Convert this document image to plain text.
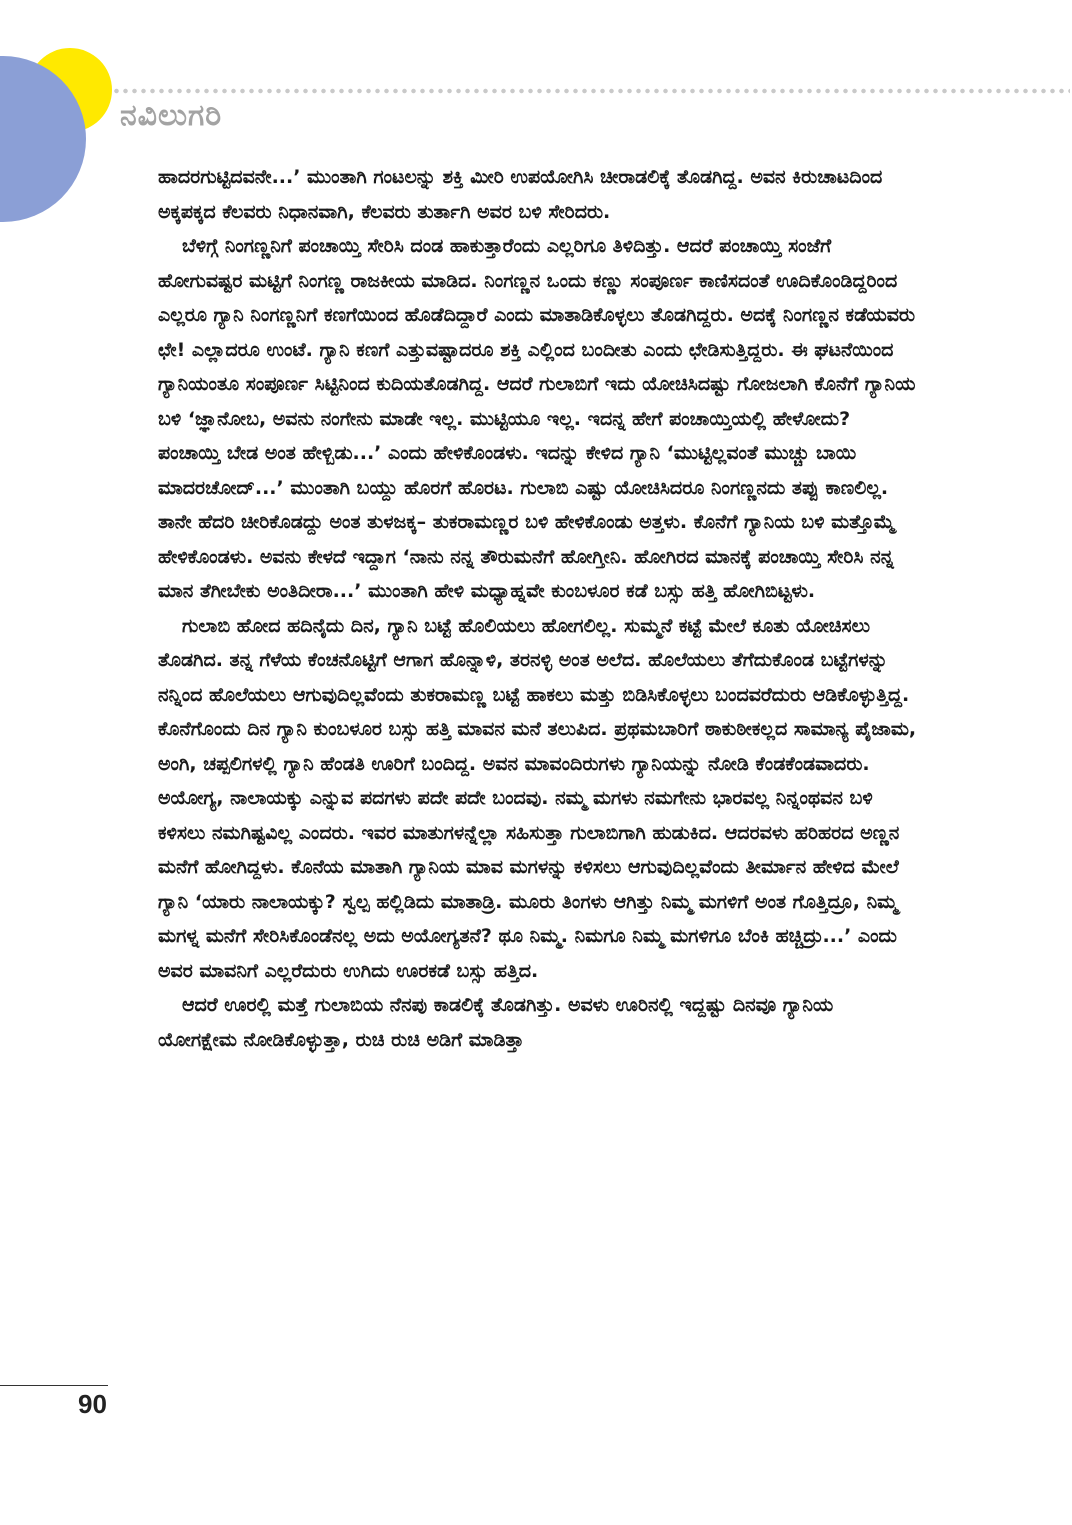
ನವಿಲುಗರಿ

ಹಾದರಗುಟ್ಟಿದವನೇ...’ ಮುಂತಾಗಿ ಗಂಟಲನ್ನು ಶಕ್ತಿ ಮೀರಿ ಉಪಯೋಗಿಸಿ ಚೀರಾಡಲಿಕ್ಕೆ ತೊಡಗಿದ್ದ. ಅವನ ಕಿರುಚಾಟದಿಂದ ಅಕ್ಕಪಕ್ಕದ ಕೆಲವರು ನಿಧಾನವಾಗಿ, ಕೆಲವರು ತುರ್ತಾಗಿ ಅವರ ಬಳಿ ಸೇರಿದರು.

ಬೆಳಿಗ್ಗೆ ನಿಂಗಣ್ಣನಿಗೆ ಪಂಚಾಯ್ತಿ ಸೇರಿಸಿ ದಂಡ ಹಾಕುತ್ತಾರೆಂದು ಎಲ್ಲರಿಗೂ ತಿಳಿದಿತ್ತು. ಆದರೆ ಪಂಚಾಯ್ತಿ ಸಂಜೆಗೆ ಹೋಗುವಷ್ಟರ ಮಟ್ಟಿಗೆ ನಿಂಗಣ್ಣ ರಾಜಕೀಯ ಮಾಡಿದ. ನಿಂಗಣ್ಣನ ಒಂದು ಕಣ್ಣು ಸಂಪೂರ್ಣ ಕಾಣಿಸದಂತೆ ಊದಿಕೊಂಡಿದ್ದರಿಂದ ಎಲ್ಲರೂ ಗ್ಯಾನಿ ನಿಂಗಣ್ಣನಿಗೆ ಕಣಗೆಯಿಂದ ಹೊಡೆದಿದ್ದಾರೆ ಎಂದು ಮಾತಾಡಿಕೊಳ್ಳಲು ತೊಡಗಿದ್ದರು. ಅದಕ್ಕೆ ನಿಂಗಣ್ಣನ ಕಡೆಯವರು ಛೇ! ಎಲ್ಲಾದರೂ ಉಂಟೆ. ಗ್ಯಾನಿ ಕಣಗೆ ಎತ್ತುವಷ್ಟಾದರೂ ಶಕ್ತಿ ಎಲ್ಲಿಂದ ಬಂದೀತು ಎಂದು ಛೇಡಿಸುತ್ತಿದ್ದರು. ಈ ಘಟನೆಯಿಂದ ಗ್ಯಾನಿಯಂತೂ ಸಂಪೂರ್ಣ ಸಿಟ್ಟಿನಿಂದ ಕುದಿಯತೊಡಗಿದ್ದ. ಆದರೆ ಗುಲಾಬಿಗೆ ಇದು ಯೋಚಿಸಿದಷ್ಟು ಗೋಜಲಾಗಿ ಕೊನೆಗೆ ಗ್ಯಾನಿಯ ಬಳಿ ‘ಜ್ಞಾನೋಬ, ಅವನು ನಂಗೇನು ಮಾಡೇ ಇಲ್ಲ. ಮುಟ್ಟಿಯೂ ಇಲ್ಲ. ಇದನ್ನ ಹೇಗೆ ಪಂಚಾಯ್ತಿಯಲ್ಲಿ ಹೇಳೋದು? ಪಂಚಾಯ್ತಿ ಬೇಡ ಅಂತ ಹೇಳ್ಬಿಡು...’ ಎಂದು ಹೇಳಿಕೊಂಡಳು. ಇದನ್ನು ಕೇಳಿದ ಗ್ಯಾನಿ ‘ಮುಟ್ಟಿಲ್ಲವಂತೆ ಮುಚ್ಚು ಬಾಯಿ ಮಾದರಚೋದ್...’ ಮುಂತಾಗಿ ಬಯ್ದು ಹೊರಗೆ ಹೊರಟ. ಗುಲಾಬಿ ಎಷ್ಟು ಯೋಚಿಸಿದರೂ ನಿಂಗಣ್ಣನದು ತಪ್ಪು ಕಾಣಲಿಲ್ಲ. ತಾನೇ ಹೆದರಿ ಚೀರಿಕೊಡದ್ದು ಅಂತ ತುಳಜಕ್ಕ– ತುಕರಾಮಣ್ಣರ ಬಳಿ ಹೇಳಿಕೊಂಡು ಅತ್ತಳು. ಕೊನೆಗೆ ಗ್ಯಾನಿಯ ಬಳಿ ಮತ್ತೊಮ್ಮೆ ಹೇಳಿಕೊಂಡಳು. ಅವನು ಕೇಳದೆ ಇದ್ದಾಗ ‘ನಾನು ನನ್ನ ತೌರುಮನೆಗೆ ಹೋಗ್ತೀನಿ. ಹೋಗಿರದ ಮಾನಕ್ಕೆ ಪಂಚಾಯ್ತಿ ಸೇರಿಸಿ ನನ್ನ ಮಾನ ತೆಗೀಬೇಕು ಅಂತಿದೀರಾ...’ ಮುಂತಾಗಿ ಹೇಳಿ ಮಧ್ಯಾಹ್ನವೇ ಕುಂಬಳೂರ ಕಡೆ ಬಸ್ಸು ಹತ್ತಿ ಹೋಗಿಬಿಟ್ಟಳು.

ಗುಲಾಬಿ ಹೋದ ಹದಿನೈದು ದಿನ, ಗ್ಯಾನಿ ಬಟ್ಟೆ ಹೊಲಿಯಲು ಹೋಗಲಿಲ್ಲ. ಸುಮ್ಮನೆ ಕಟ್ಟೆ ಮೇಲೆ ಕೂತು ಯೋಚಿಸಲು ತೊಡಗಿದ. ತನ್ನ ಗೆಳೆಯ ಕೆಂಚನೊಟ್ಟಿಗೆ ಆಗಾಗ ಹೊನ್ನಾಳಿ, ತರನಳ್ಳಿ ಅಂತ ಅಲೆದ. ಹೊಲೆಯಲು ತೆಗೆದುಕೊಂಡ ಬಟ್ಟೆಗಳನ್ನು ನನ್ನಿಂದ ಹೊಲೆಯಲು ಆಗುವುದಿಲ್ಲವೆಂದು ತುಕರಾಮಣ್ಣ ಬಟ್ಟೆ ಹಾಕಲು ಮತ್ತು ಬಿಡಿಸಿಕೊಳ್ಳಲು ಬಂದವರೆದುರು ಆಡಿಕೊಳ್ಳುತ್ತಿದ್ದ. ಕೊನೆಗೊಂದು ದಿನ ಗ್ಯಾನಿ ಕುಂಬಳೂರ ಬಸ್ಸು ಹತ್ತಿ ಮಾವನ ಮನೆ ತಲುಪಿದ. ಪ್ರಥಮಬಾರಿಗೆ ಠಾಕುಠೀಕಲ್ಲದ ಸಾಮಾನ್ಯ ಪೈಜಾಮ, ಅಂಗಿ, ಚಪ್ಪಲಿಗಳಲ್ಲಿ ಗ್ಯಾನಿ ಹೆಂಡತಿ ಊರಿಗೆ ಬಂದಿದ್ದ. ಅವನ ಮಾವಂದಿರುಗಳು ಗ್ಯಾನಿಯನ್ನು ನೋಡಿ ಕೆಂಡಕೆಂಡವಾದರು. ಅಯೋಗ್ಯ, ನಾಲಾಯಕ್ಕು ಎನ್ನುವ ಪದಗಳು ಪದೇ ಪದೇ ಬಂದವು. ನಮ್ಮ ಮಗಳು ನಮಗೇನು ಭಾರವಲ್ಲ ನಿನ್ನಂಥವನ ಬಳಿ ಕಳಿಸಲು ನಮಗಿಷ್ಟವಿಲ್ಲ ಎಂದರು. ಇವರ ಮಾತುಗಳನ್ನೆಲ್ಲಾ ಸಹಿಸುತ್ತಾ ಗುಲಾಬಿಗಾಗಿ ಹುಡುಕಿದ. ಆದರವಳು ಹರಿಹರದ ಅಣ್ಣನ ಮನೆಗೆ ಹೋಗಿದ್ದಳು. ಕೊನೆಯ ಮಾತಾಗಿ ಗ್ಯಾನಿಯ ಮಾವ ಮಗಳನ್ನು ಕಳಿಸಲು ಆಗುವುದಿಲ್ಲವೆಂದು ತೀರ್ಮಾನ ಹೇಳಿದ ಮೇಲೆ ಗ್ಯಾನಿ ‘ಯಾರು ನಾಲಾಯಕ್ಕು? ಸ್ವಲ್ಪ ಹಲ್ಲಿಡಿದು ಮಾತಾಡ್ರಿ. ಮೂರು ತಿಂಗಳು ಆಗಿತ್ತು ನಿಮ್ಮ ಮಗಳಿಗೆ ಅಂತ ಗೊತ್ತಿದ್ರೂ, ನಿಮ್ಮ ಮಗಳ್ನ ಮನೆಗೆ ಸೇರಿಸಿಕೊಂಡೆನಲ್ಲ ಅದು ಅಯೋಗ್ಯತನೆ? ಥೂ ನಿಮ್ಮ. ನಿಮಗೂ ನಿಮ್ಮ ಮಗಳಿಗೂ ಬೆಂಕಿ ಹಚ್ಚಿದ್ರು...’ ಎಂದು ಅವರ ಮಾವನಿಗೆ ಎಲ್ಲರೆದುರು ಉಗಿದು ಊರಕಡೆ ಬಸ್ಸು ಹತ್ತಿದ.

ಆದರೆ ಊರಲ್ಲಿ ಮತ್ತೆ ಗುಲಾಬಿಯ ನೆನಪು ಕಾಡಲಿಕ್ಕೆ ತೊಡಗಿತ್ತು. ಅವಳು ಊರಿನಲ್ಲಿ ಇದ್ದಷ್ಟು ದಿನವೂ ಗ್ಯಾನಿಯ ಯೋಗಕ್ಷೇಮ ನೋಡಿಕೊಳ್ಳುತ್ತಾ, ರುಚಿ ರುಚಿ ಅಡಿಗೆ ಮಾಡಿತ್ತಾ

90
